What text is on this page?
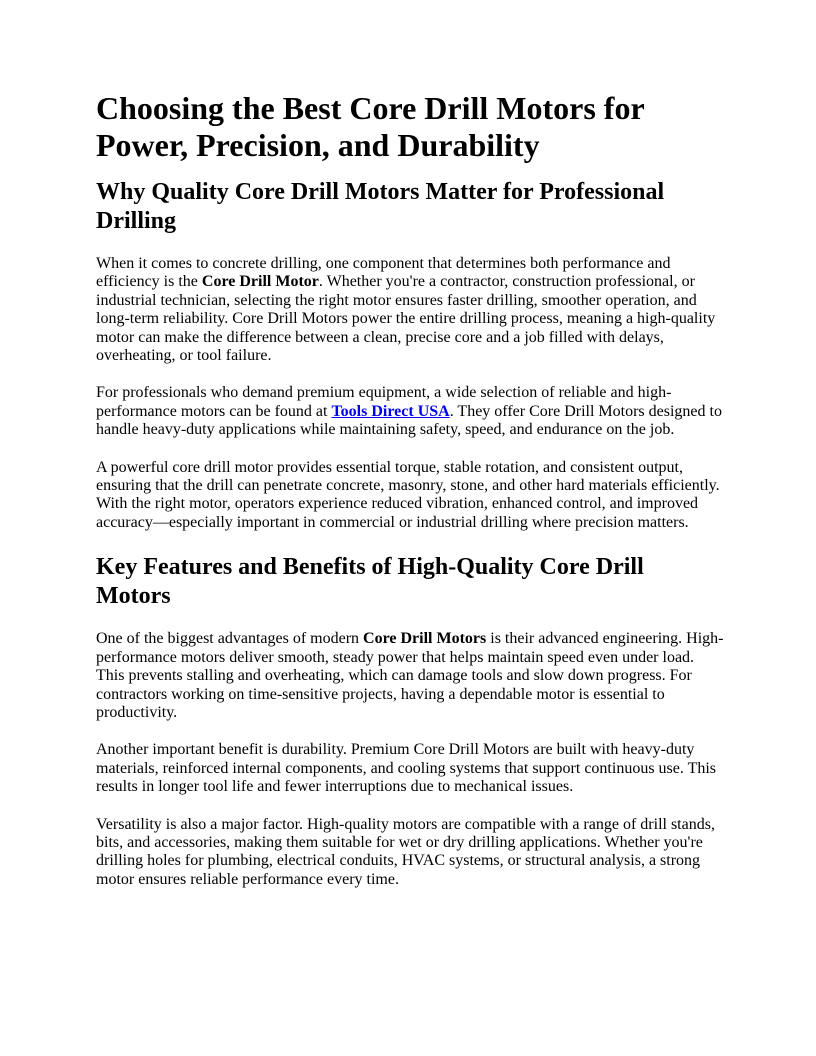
Choosing the Best Core Drill Motors for Power, Precision, and Durability
Why Quality Core Drill Motors Matter for Professional Drilling

When it comes to concrete drilling, one component that determines both performance and efficiency is the Core Drill Motor. Whether you're a contractor, construction professional, or industrial technician, selecting the right motor ensures faster drilling, smoother operation, and long-term reliability. Core Drill Motors power the entire drilling process, meaning a high-quality motor can make the difference between a clean, precise core and a job filled with delays, overheating, or tool failure.

For professionals who demand premium equipment, a wide selection of reliable and high-performance motors can be found at Tools Direct USA. They offer Core Drill Motors designed to handle heavy-duty applications while maintaining safety, speed, and endurance on the job.

A powerful core drill motor provides essential torque, stable rotation, and consistent output, ensuring that the drill can penetrate concrete, masonry, stone, and other hard materials efficiently. With the right motor, operators experience reduced vibration, enhanced control, and improved accuracy—especially important in commercial or industrial drilling where precision matters.

Key Features and Benefits of High-Quality Core Drill Motors

One of the biggest advantages of modern Core Drill Motors is their advanced engineering. High-performance motors deliver smooth, steady power that helps maintain speed even under load. This prevents stalling and overheating, which can damage tools and slow down progress. For contractors working on time-sensitive projects, having a dependable motor is essential to productivity.

Another important benefit is durability. Premium Core Drill Motors are built with heavy-duty materials, reinforced internal components, and cooling systems that support continuous use. This results in longer tool life and fewer interruptions due to mechanical issues.

Versatility is also a major factor. High-quality motors are compatible with a range of drill stands, bits, and accessories, making them suitable for wet or dry drilling applications. Whether you're drilling holes for plumbing, electrical conduits, HVAC systems, or structural analysis, a strong motor ensures reliable performance every time.
